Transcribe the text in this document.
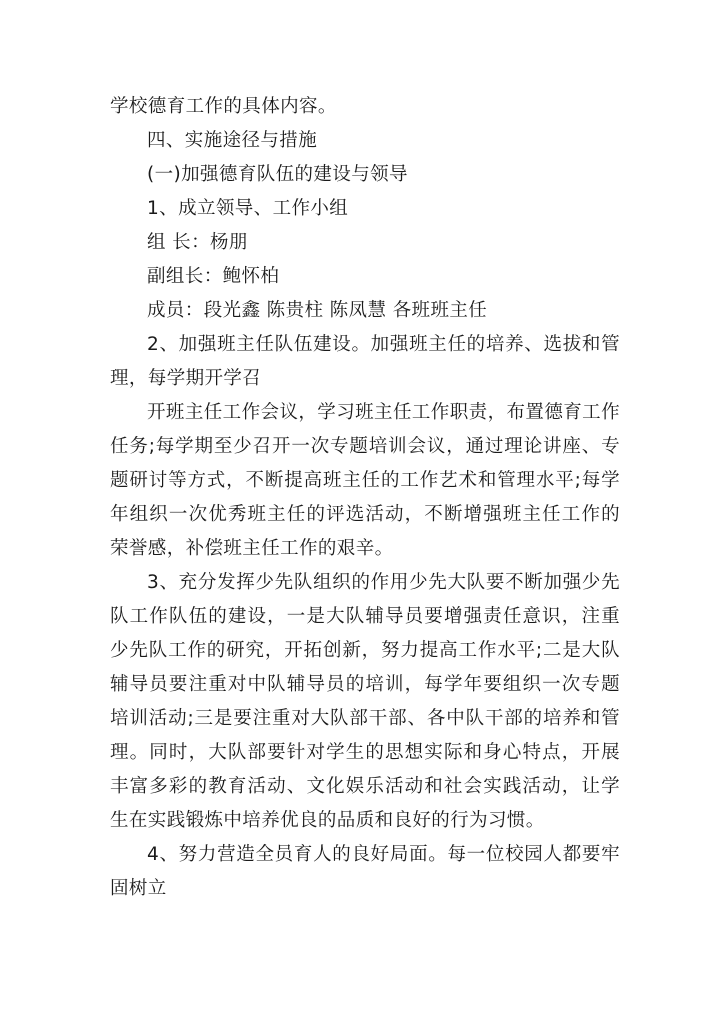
学校德育工作的具体内容。

四、实施途径与措施

(一)加强德育队伍的建设与领导

1、成立领导、工作小组

组 长：杨朋

副组长：鲍怀柏

成员：段光鑫 陈贵柱 陈凤慧 各班班主任

2、加强班主任队伍建设。加强班主任的培养、选拔和管理，每学期开学召

开班主任工作会议，学习班主任工作职责，布置德育工作任务;每学期至少召开一次专题培训会议，通过理论讲座、专题研讨等方式，不断提高班主任的工作艺术和管理水平;每学年组织一次优秀班主任的评选活动，不断增强班主任工作的荣誉感，补偿班主任工作的艰辛。

3、充分发挥少先队组织的作用少先大队要不断加强少先队工作队伍的建设，一是大队辅导员要增强责任意识，注重少先队工作的研究，开拓创新，努力提高工作水平;二是大队辅导员要注重对中队辅导员的培训，每学年要组织一次专题培训活动;三是要注重对大队部干部、各中队干部的培养和管理。同时，大队部要针对学生的思想实际和身心特点，开展丰富多彩的教育活动、文化娱乐活动和社会实践活动，让学生在实践锻炼中培养优良的品质和良好的行为习惯。

4、努力营造全员育人的良好局面。每一位校园人都要牢固树立
